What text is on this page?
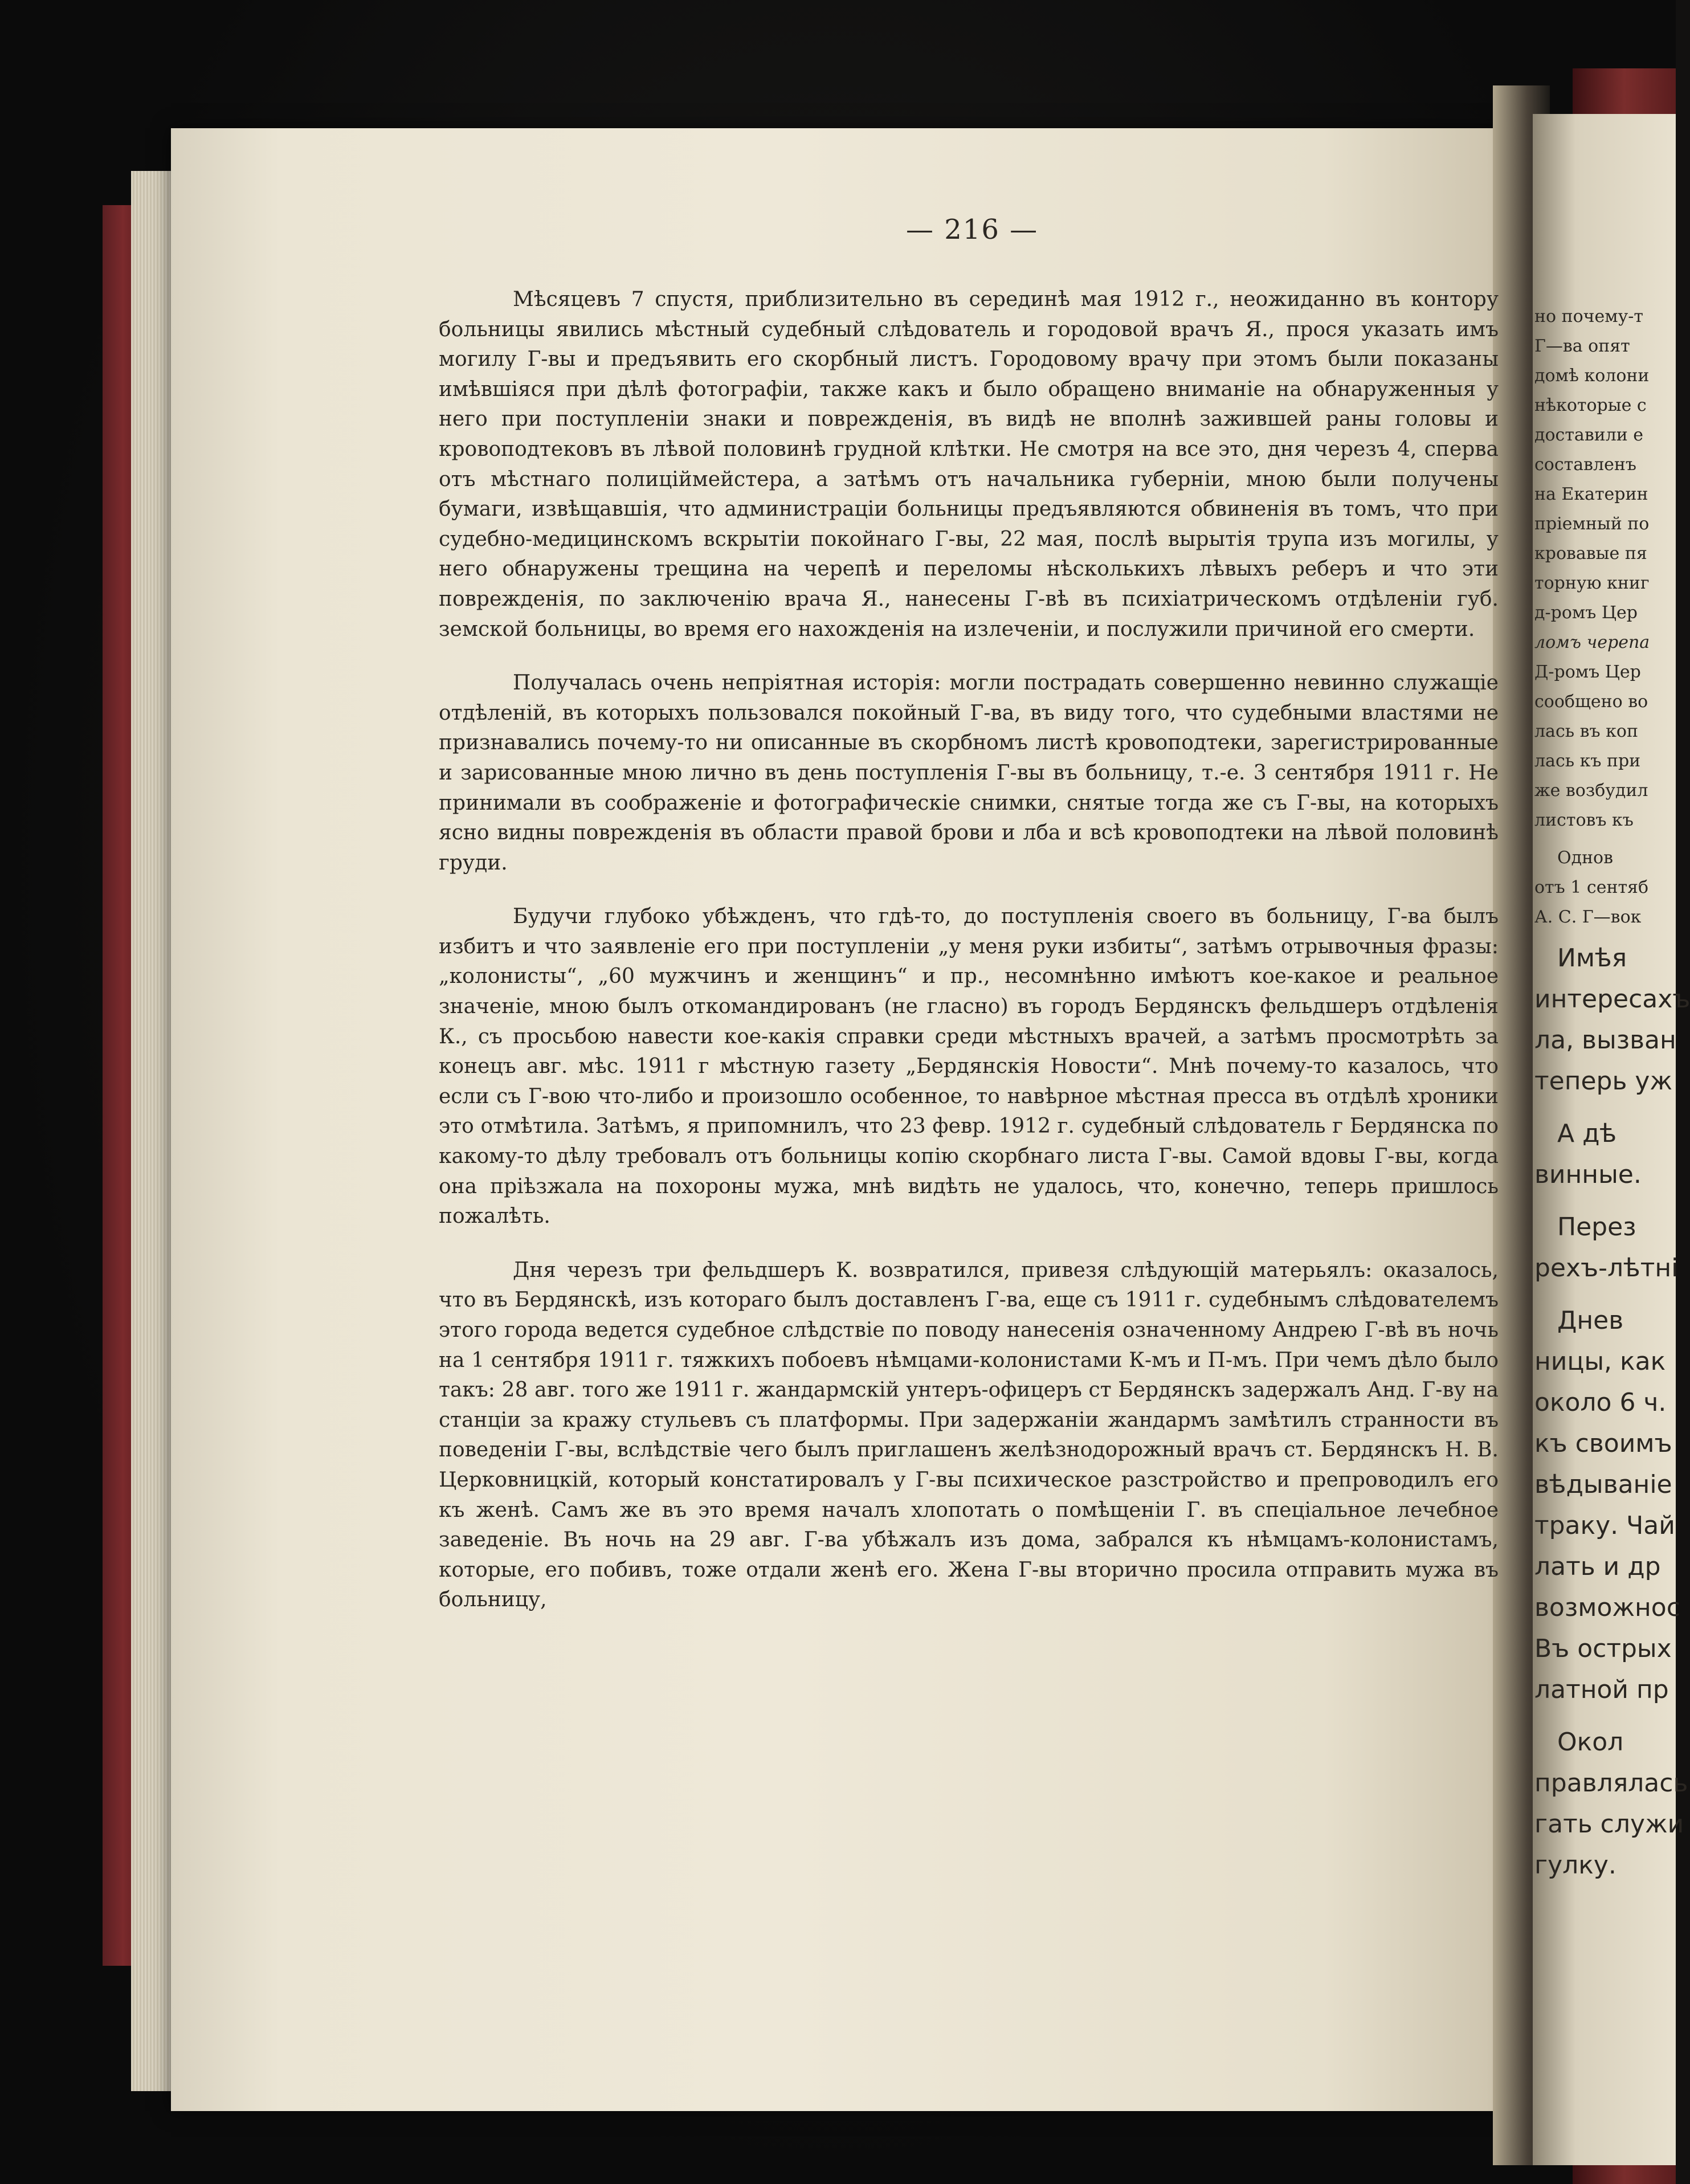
— 216 —

Мѣсяцевъ 7 спустя, приблизительно въ серединѣ мая 1912 г., неожиданно въ контору больницы явились мѣстный судебный слѣдователь и городовой врачъ Я., прося указать имъ могилу Г-вы и предъявить его скорбный листъ. Городовому врачу при этомъ были показаны имѣвшіяся при дѣлѣ фотографіи, также какъ и было обращено вниманіе на обнаруженныя у него при поступленіи знаки и поврежденія, въ видѣ не вполнѣ зажившей раны головы и кровоподтековъ въ лѣвой половинѣ грудной клѣтки. Не смотря на все это, дня черезъ 4, сперва отъ мѣстнаго полиціймейстера, а затѣмъ отъ начальника губерніи, мною были получены бумаги, извѣщавшія, что администраціи больницы предъявляются обвиненія въ томъ, что при судебно-медицинскомъ вскрытіи покойнаго Г-вы, 22 мая, послѣ вырытія трупа изъ могилы, у него обнаружены трещина на черепѣ и переломы нѣсколькихъ лѣвыхъ реберъ и что эти поврежденія, по заключенію врача Я., нанесены Г-вѣ въ психіатрическомъ отдѣленіи губ. земской больницы, во время его нахожденія на излеченіи, и послужили причиной его смерти.

Получалась очень непріятная исторія: могли пострадать совершенно невинно служащіе отдѣленій, въ которыхъ пользовался покойный Г-ва, въ виду того, что судебными властями не признавались почему-то ни описанные въ скорбномъ листѣ кровоподтеки, зарегистрированные и зарисованные мною лично въ день поступленія Г-вы въ больницу, т.-е. 3 сентября 1911 г. Не принимали въ соображеніе и фотографическіе снимки, снятые тогда же съ Г-вы, на которыхъ ясно видны поврежденія въ области правой брови и лба и всѣ кровоподтеки на лѣвой половинѣ груди.

Будучи глубоко убѣжденъ, что гдѣ-то, до поступленія своего въ больницу, Г-ва былъ избитъ и что заявленіе его при поступленіи „у меня руки избиты“, затѣмъ отрывочныя фразы: „колонисты“, „60 мужчинъ и женщинъ“ и пр., несомнѣнно имѣютъ кое-какое и реальное значеніе, мною былъ откомандированъ (не гласно) въ городъ Бердянскъ фельдшеръ отдѣленія К., съ просьбою навести кое-какія справки среди мѣстныхъ врачей, а затѣмъ просмотрѣть за конецъ авг. мѣс. 1911 г мѣстную газету „Бердянскія Новости“. Мнѣ почему-то казалось, что если съ Г-вою что-либо и произошло особенное, то навѣрное мѣстная пресса въ отдѣлѣ хроники это отмѣтила. Затѣмъ, я припомнилъ, что 23 февр. 1912 г. судебный слѣдователь г Бердянска по какому-то дѣлу требовалъ отъ больницы копію скорбнаго листа Г-вы. Самой вдовы Г-вы, когда она пріѣзжала на похороны мужа, мнѣ видѣть не удалось, что, конечно, теперь пришлось пожалѣть.

Дня черезъ три фельдшеръ К. возвратился, привезя слѣдующій матерьялъ: оказалось, что въ Бердянскѣ, изъ котораго былъ доставленъ Г-ва, еще съ 1911 г. судебнымъ слѣдователемъ этого города ведется судебное слѣдствіе по поводу нанесенія означенному Андрею Г-вѣ въ ночь на 1 сентября 1911 г. тяжкихъ побоевъ нѣмцами-колонистами К-мъ и П-мъ. При чемъ дѣло было такъ: 28 авг. того же 1911 г. жандармскій унтеръ-офицеръ ст Бердянскъ задержалъ Анд. Г-ву на станціи за кражу стульевъ съ платформы. При задержаніи жандармъ замѣтилъ странности въ поведеніи Г-вы, вслѣдствіе чего былъ приглашенъ желѣзнодорожный врачъ ст. Бердянскъ Н. В. Церковницкій, который констатировалъ у Г-вы психическое разстройство и препроводилъ его къ женѣ. Самъ же въ это время началъ хлопотать о помѣщеніи Г. въ спеціальное лечебное заведеніе. Въ ночь на 29 авг. Г-ва убѣжалъ изъ дома, забрался къ нѣмцамъ-колонистамъ, которые, его побивъ, тоже отдали женѣ его. Жена Г-вы вторично просила отправить мужа въ больницу,

но почему-т
Г—ва опят
домѣ колони
нѣкоторые с
доставили е
составленъ
на Екатерин
пріемный по
кровавые пя
торную книг
д-ромъ Цер
ломъ черепа
Д-ромъ Цер
сообщено во
лась въ коп
лась къ при
же возбудил
листовъ къ
Однов
отъ 1 сентяб
А. С. Г—вок
Имѣя
интересахъ
ла, вызван
теперь уж
А дѣ
винные.
Перез
рехъ-лѣтні
Днев
ницы, как
около 6 ч.
къ своимъ
вѣдываніе
траку. Чай
лать и др
возможнос
Въ острых
латной пр
Окол
правлялась
гать служи
гулку.
